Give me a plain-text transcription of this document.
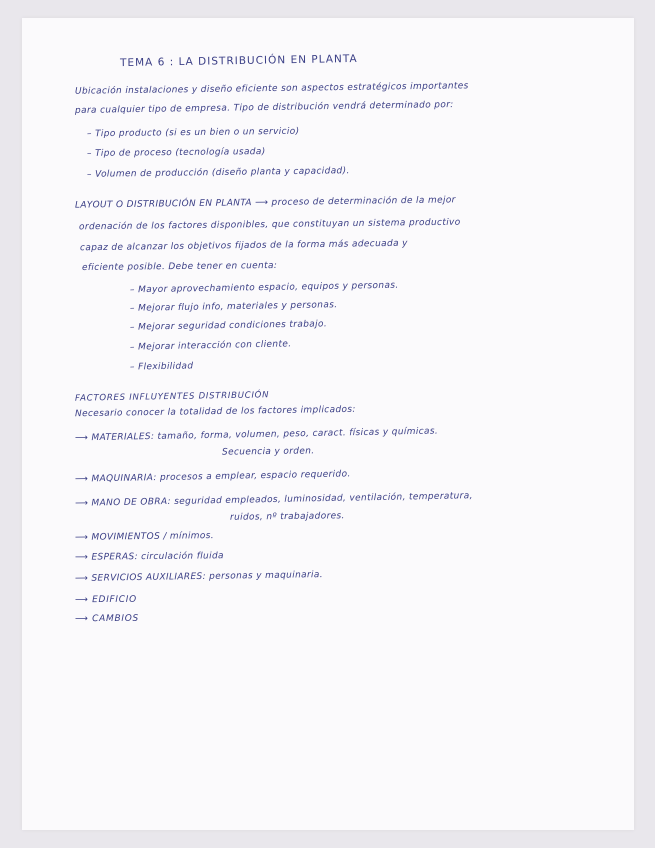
TEMA 6 : LA DISTRIBUCIÓN EN PLANTA
Ubicación instalaciones y diseño eficiente son aspectos estratégicos importantes
para cualquier tipo de empresa. Tipo de distribución vendrá determinado por:
– Tipo producto (si es un bien o un servicio)
– Tipo de proceso (tecnología usada)
– Volumen de producción (diseño planta y capacidad).
LAYOUT O DISTRIBUCIÓN EN PLANTA ⟶ proceso de determinación de la mejor
ordenación de los factores disponibles, que constituyan un sistema productivo
capaz de alcanzar los objetivos fijados de la forma más adecuada y
eficiente posible. Debe tener en cuenta:
– Mayor aprovechamiento espacio, equipos y personas.
– Mejorar flujo info, materiales y personas.
– Mejorar seguridad condiciones trabajo.
– Mejorar interacción con cliente.
– Flexibilidad
FACTORES INFLUYENTES DISTRIBUCIÓN
Necesario conocer la totalidad de los factores implicados:
⟶ MATERIALES: tamaño, forma, volumen, peso, caract. físicas y químicas.
Secuencia y orden.
⟶ MAQUINARIA: procesos a emplear, espacio requerido.
⟶ MANO DE OBRA: seguridad empleados, luminosidad, ventilación, temperatura,
ruidos, nº trabajadores.
⟶ MOVIMIENTOS / mínimos.
⟶ ESPERAS: circulación fluida
⟶ SERVICIOS AUXILIARES: personas y maquinaria.
⟶ EDIFICIO
⟶ CAMBIOS
